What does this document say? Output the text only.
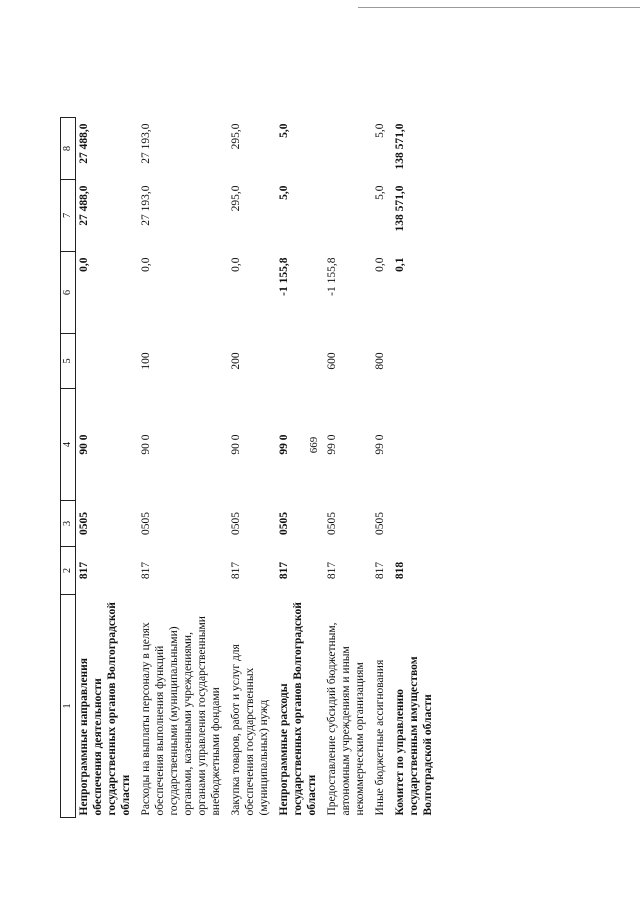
669
1	2	3	4	5	6	7	8
Непрограммные направления обеспечения деятельности государственных органов Волгоградской области	817	0505	90 0		0,0	27 488,0	27 488,0
Расходы на выплаты персоналу в целях обеспечения выполнения функций государственными (муниципальными) органами, казенными учреждениями, органами управления государственными внебюджетными фондами	817	0505	90 0	100	0,0	27 193,0	27 193,0
Закупка товаров, работ и услуг для обеспечения государственных (муниципальных) нужд	817	0505	90 0	200	0,0	295,0	295,0
Непрограммные расходы государственных органов Волгоградской области	817	0505	99 0		-1 155,8	5,0	5,0
Предоставление субсидий бюджетным, автономным учреждениям и иным некоммерческим организациям	817	0505	99 0	600	-1 155,8		
Иные бюджетные ассигнования	817	0505	99 0	800	0,0	5,0	5,0
Комитет по управлению государственным имуществом Волгоградской области	818				0,1	138 571,0	138 571,0
